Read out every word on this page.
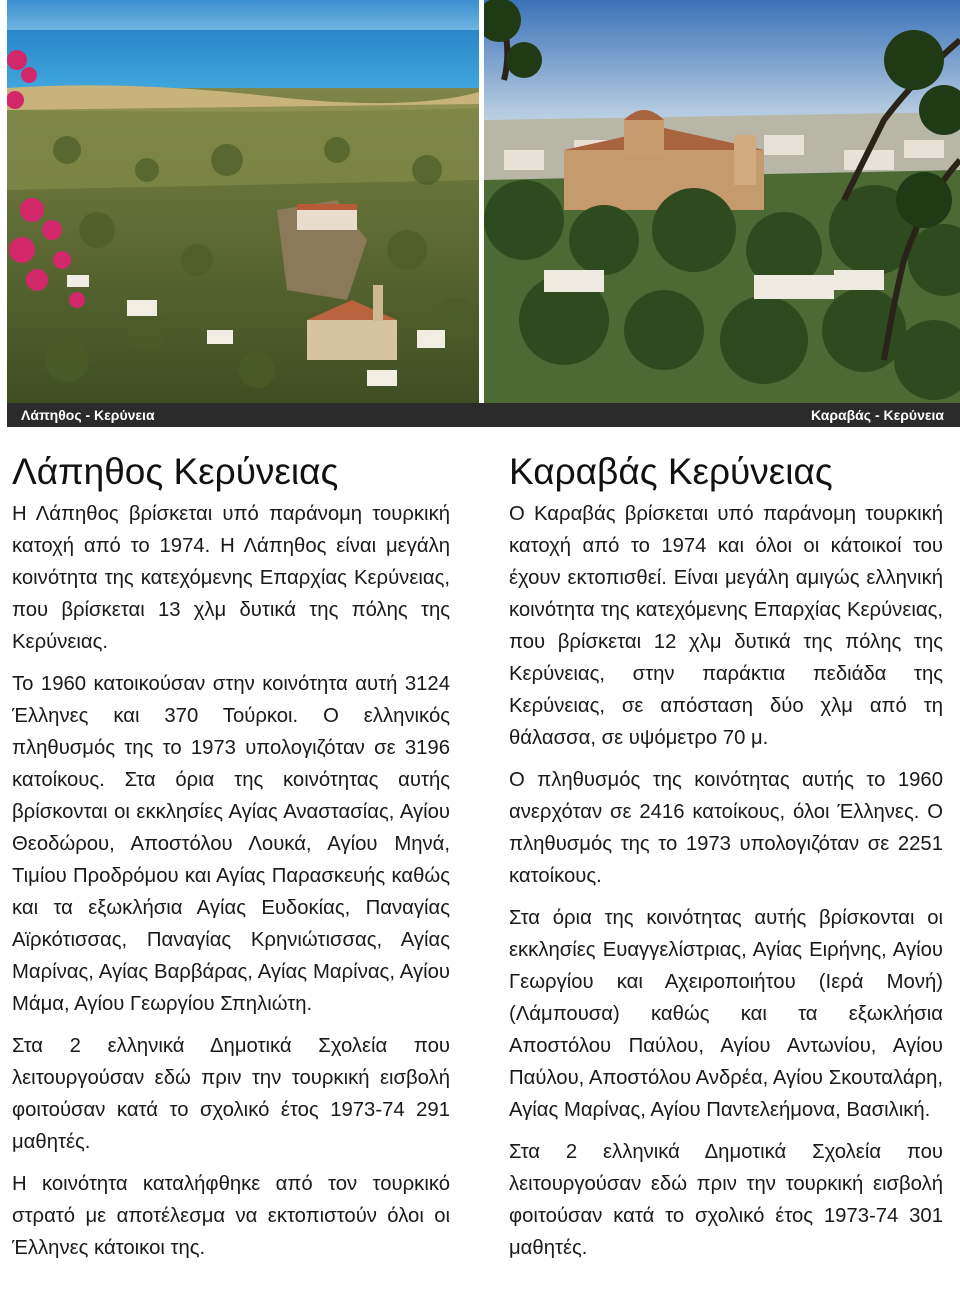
Λάπηθος - Κερύνεια	Καραβάς - Κερύνεια
Λάπηθος Κερύνειας

Η Λάπηθος βρίσκεται υπό παράνομη τουρκική κατοχή από το 1974. Η Λάπηθος είναι μεγάλη κοινότητα της κατεχόμενης Επαρχίας Κερύνειας, που βρίσκεται 13 χλμ δυτικά της πόλης της Κερύνειας.

Το 1960 κατοικούσαν στην κοινότητα αυτή 3124 Έλληνες και 370 Τούρκοι. Ο ελληνικός πληθυσμός της το 1973 υπολογιζόταν σε 3196 κατοίκους. Στα όρια της κοινότητας αυτής βρίσκονται οι εκκλησίες Αγίας Αναστασίας, Αγίου Θεοδώρου, Αποστόλου Λουκά, Αγίου Μηνά, Τιμίου Προδρόμου και Αγίας Παρασκευής καθώς και τα εξωκλήσια Αγίας Ευδοκίας, Παναγίας Αϊρκότισσας, Παναγίας Κρηνιώτισσας, Αγίας Μαρίνας, Αγίας Βαρβάρας, Αγίας Μαρίνας, Αγίου Μάμα, Αγίου Γεωργίου Σπηλιώτη.

Στα 2 ελληνικά Δημοτικά Σχολεία που λειτουργούσαν εδώ πριν την τουρκική εισβολή φοιτούσαν κατά το σχολικό έτος 1973-74 291 μαθητές.

Η κοινότητα καταλήφθηκε από τον τουρκικό στρατό με αποτέλεσμα να εκτοπιστούν όλοι οι Έλληνες κάτοικοι της.

Καραβάς Κερύνειας

Ο Καραβάς βρίσκεται υπό παράνομη τουρκική κατοχή από το 1974 και όλοι οι κάτοικοί του έχουν εκτοπισθεί. Είναι μεγάλη αμιγώς ελληνική κοινότητα της κατεχόμενης Επαρχίας Κερύνειας, που βρίσκεται 12 χλμ δυτικά της πόλης της Κερύνειας, στην παράκτια πεδιάδα της Κερύνειας, σε απόσταση δύο χλμ από τη θάλασσα, σε υψόμετρο 70 μ.

Ο πληθυσμός της κοινότητας αυτής το 1960 ανερχόταν σε 2416 κατοίκους, όλοι Έλληνες. Ο πληθυσμός της το 1973 υπολογιζόταν σε 2251 κατοίκους.

Στα όρια της κοινότητας αυτής βρίσκονται οι εκκλησίες Ευαγγελίστριας, Αγίας Ειρήνης, Αγίου Γεωργίου και Αχειροποιήτου (Ιερά Μονή) (Λάμπουσα) καθώς και τα εξωκλήσια Αποστόλου Παύλου, Αγίου Αντωνίου, Αγίου Παύλου, Αποστόλου Ανδρέα, Αγίου Σκουταλάρη, Αγίας Μαρίνας, Αγίου Παντελεήμονα, Βασιλική.

Στα 2 ελληνικά Δημοτικά Σχολεία που λειτουργούσαν εδώ πριν την τουρκική εισβολή φοιτούσαν κατά το σχολικό έτος 1973-74 301 μαθητές.
